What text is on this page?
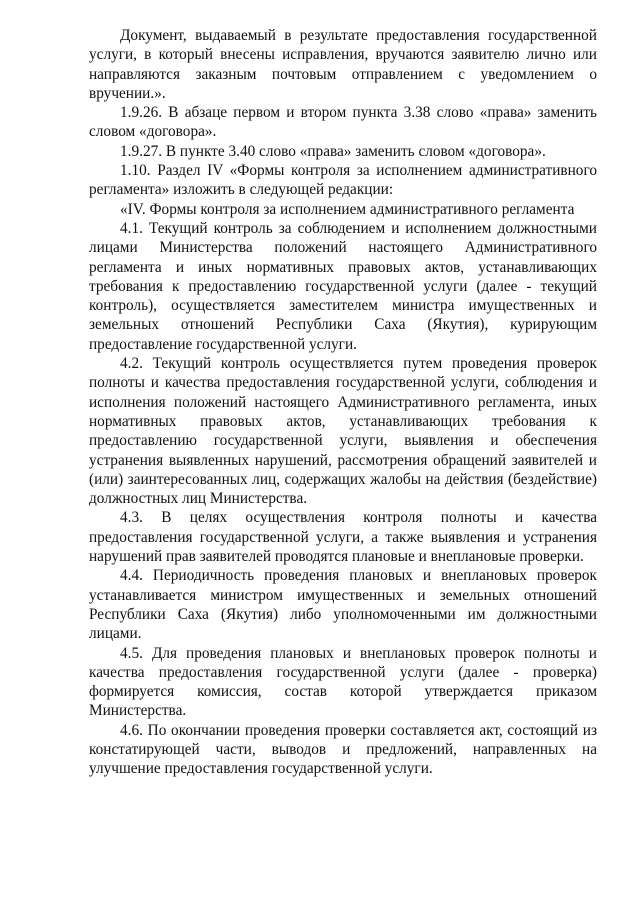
Документ, выдаваемый в результате предоставления государственной услуги, в который внесены исправления, вручаются заявителю лично или направляются заказным почтовым отправлением с уведомлением о вручении.».

1.9.26. В абзаце первом и втором пункта 3.38 слово «права» заменить словом «договора».

1.9.27. В пункте 3.40 слово «права» заменить словом «договора».

1.10. Раздел IV «Формы контроля за исполнением административного регламента» изложить в следующей редакции:

«IV. Формы контроля за исполнением административного регламента

4.1. Текущий контроль за соблюдением и исполнением должностными лицами Министерства положений настоящего Административного регламента и иных нормативных правовых актов, устанавливающих требования к предоставлению государственной услуги (далее - текущий контроль), осуществляется заместителем министра имущественных и земельных отношений Республики Саха (Якутия), курирующим предоставление государственной услуги.

4.2. Текущий контроль осуществляется путем проведения проверок полноты и качества предоставления государственной услуги, соблюдения и исполнения положений настоящего Административного регламента, иных нормативных правовых актов, устанавливающих требования к предоставлению государственной услуги, выявления и обеспечения устранения выявленных нарушений, рассмотрения обращений заявителей и (или) заинтересованных лиц, содержащих жалобы на действия (бездействие) должностных лиц Министерства.

4.3. В целях осуществления контроля полноты и качества предоставления государственной услуги, а также выявления и устранения нарушений прав заявителей проводятся плановые и внеплановые проверки.

4.4. Периодичность проведения плановых и внеплановых проверок устанавливается министром имущественных и земельных отношений Республики Саха (Якутия) либо уполномоченными им должностными лицами.

4.5. Для проведения плановых и внеплановых проверок полноты и качества предоставления государственной услуги (далее - проверка) формируется комиссия, состав которой утверждается приказом Министерства.

4.6. По окончании проведения проверки составляется акт, состоящий из констатирующей части, выводов и предложений, направленных на улучшение предоставления государственной услуги.
